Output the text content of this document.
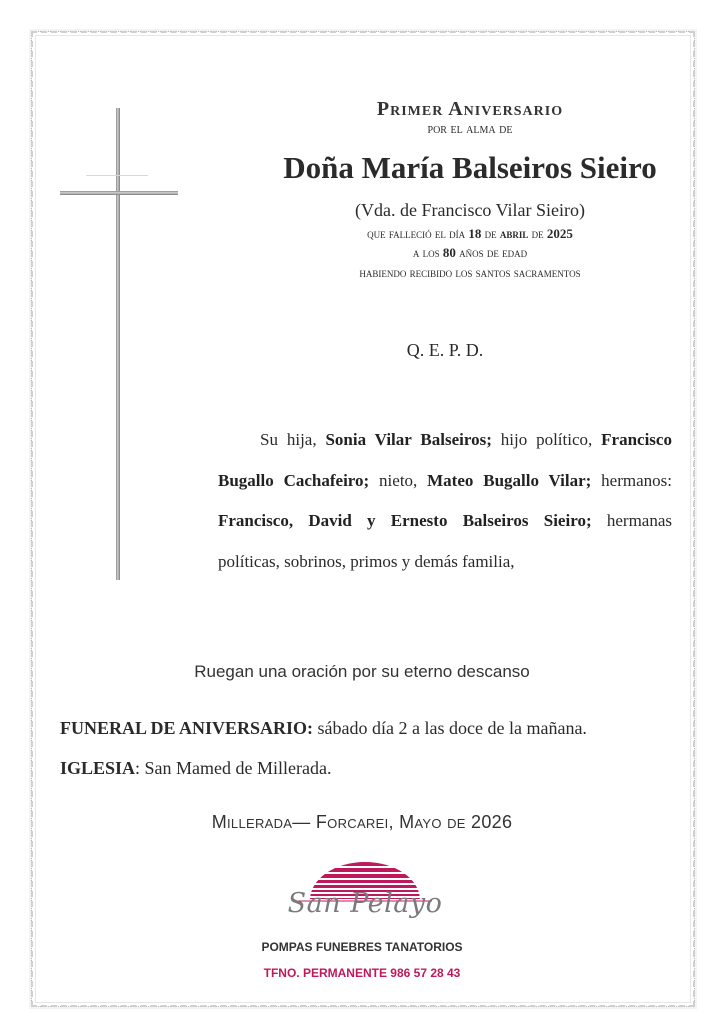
Primer Aniversario
por el alma de
Doña María Balseiros Sieiro
(Vda. de Francisco Vilar Sieiro)
que falleció el día 18 de abril de 2025
a los 80 años de edad
habiendo recibido los santos sacramentos
Q. E. P. D.
Su hija, Sonia Vilar Balseiros; hijo político, Francisco Bugallo Cachafeiro; nieto, Mateo Bugallo Vilar; hermanos: Francisco, David y Ernesto Balseiros Sieiro; hermanas políticas, sobrinos, primos y demás familia,
Ruegan una oración por su eterno descanso
FUNERAL DE ANIVERSARIO: sábado día 2 a las doce de la mañana.
IGLESIA: San Mamed de Millerada.
Millerada— Forcarei, Mayo de 2026
San Pelayo
POMPAS FUNEBRES TANATORIOS
TFNO. PERMANENTE 986 57 28 43
